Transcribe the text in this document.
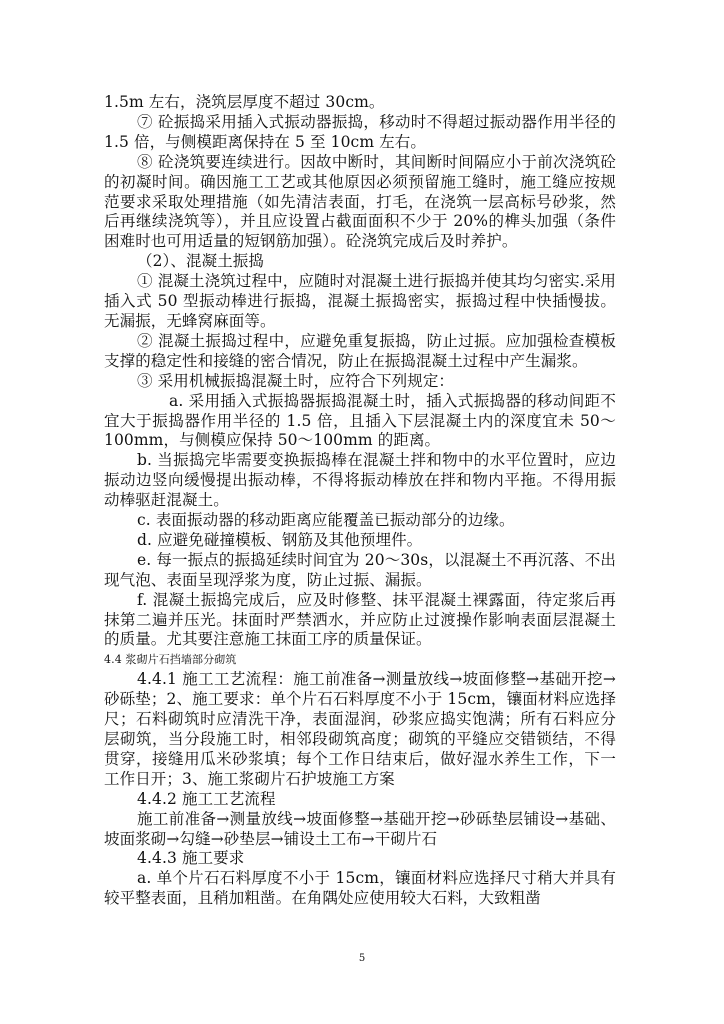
1.5m 左右，浇筑层厚度不超过 30cm。

⑦ 砼振捣采用插入式振动器振捣，移动时不得超过振动器作用半径的 1.5 倍，与侧模距离保持在 5 至 10cm 左右。

⑧ 砼浇筑要连续进行。因故中断时，其间断时间隔应小于前次浇筑砼的初凝时间。确因施工工艺或其他原因必须预留施工缝时，施工缝应按规范要求采取处理措施（如先清洁表面，打毛，在浇筑一层高标号砂浆，然后再继续浇筑等），并且应设置占截面面积不少于 20%的榫头加强（条件困难时也可用适量的短钢筋加强）。砼浇筑完成后及时养护。

（2）、混凝土振捣

① 混凝土浇筑过程中，应随时对混凝土进行振捣并使其均匀密实.采用插入式 50 型振动棒进行振捣，混凝土振捣密实，振捣过程中快插慢拔。无漏振，无蜂窝麻面等。

② 混凝土振捣过程中，应避免重复振捣，防止过振。应加强检查模板支撑的稳定性和接缝的密合情况，防止在振捣混凝土过程中产生漏浆。

③ 采用机械振捣混凝土时，应符合下列规定：

a. 采用插入式振捣器振捣混凝土时，插入式振捣器的移动间距不宜大于振捣器作用半径的 1.5 倍，且插入下层混凝土内的深度宜未 50～100mm，与侧模应保持 50～100mm 的距离。

b. 当振捣完毕需要变换振捣棒在混凝土拌和物中的水平位置时，应边振动边竖向缓慢提出振动棒，不得将振动棒放在拌和物内平拖。不得用振动棒驱赶混凝土。

c. 表面振动器的移动距离应能覆盖已振动部分的边缘。

d. 应避免碰撞模板、钢筋及其他预埋件。

e. 每一振点的振捣延续时间宜为 20～30s，以混凝土不再沉落、不出现气泡、表面呈现浮浆为度，防止过振、漏振。

f. 混凝土振捣完成后，应及时修整、抹平混凝土裸露面，待定浆后再抹第二遍并压光。抹面时严禁洒水，并应防止过渡操作影响表面层混凝土的质量。尤其要注意施工抹面工序的质量保证。

4.4 浆砌片石挡墙部分砌筑

4.4.1 施工工艺流程：施工前准备→测量放线→坡面修整→基础开挖→砂砾垫；2、施工要求：单个片石石料厚度不小于 15cm，镶面材料应选择尺；石料砌筑时应清洗干净，表面湿润，砂浆应捣实饱满；所有石料应分层砌筑，当分段施工时，相邻段砌筑高度；砌筑的平缝应交错锁结，不得贯穿，接缝用瓜米砂浆填；每个工作日结束后，做好湿水养生工作，下一工作日开；3、施工浆砌片石护坡施工方案

4.4.2 施工工艺流程

施工前准备→测量放线→坡面修整→基础开挖→砂砾垫层铺设→基础、坡面浆砌→勾缝→砂垫层→铺设土工布→干砌片石

4.4.3 施工要求

a. 单个片石石料厚度不小于 15cm，镶面材料应选择尺寸稍大并具有较平整表面，且稍加粗凿。在角隅处应使用较大石料，大致粗凿

5
